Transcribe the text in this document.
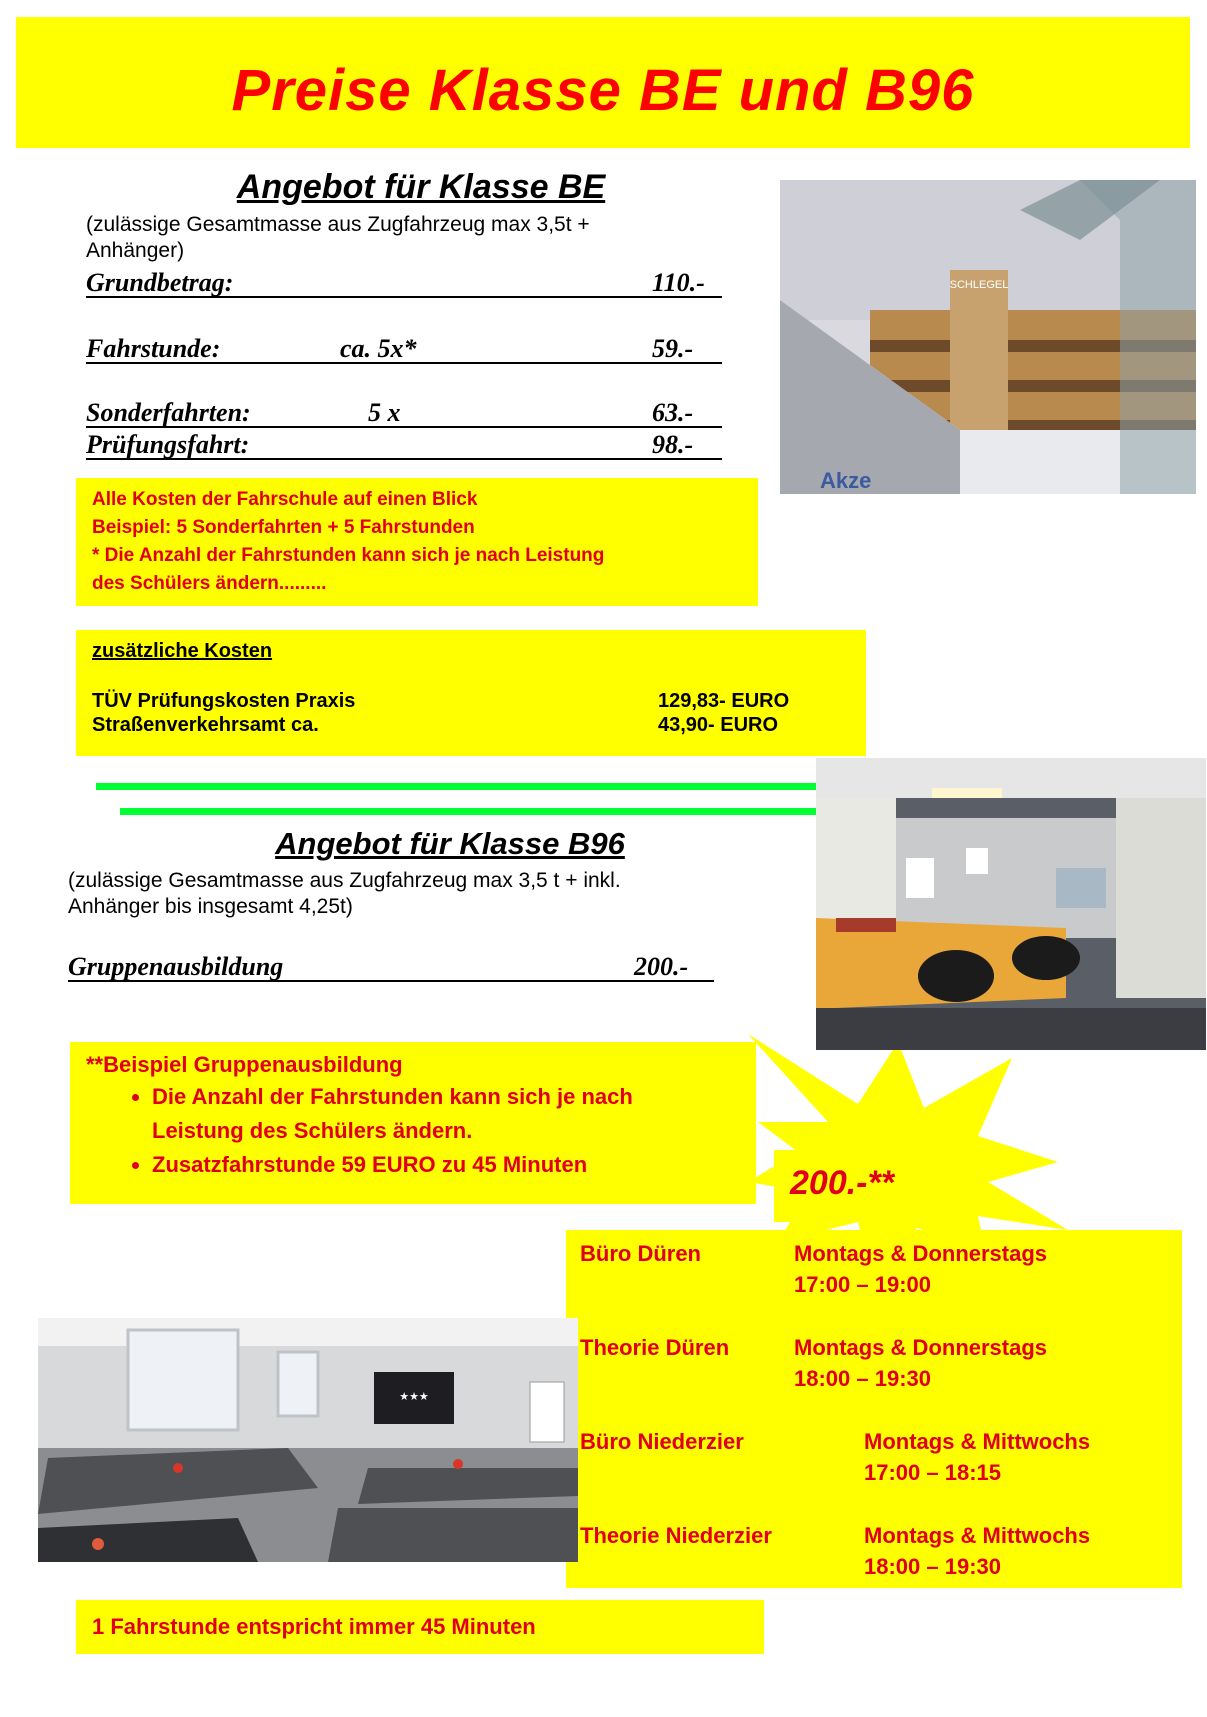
Preise Klasse BE und B96
Angebot für Klasse BE
(zulässige Gesamtmasse aus Zugfahrzeug max 3,5t + Anhänger)
Grundbetrag:	110.-
Fahrstunde:	ca. 5x*	59.-
Sonderfahrten:	5 x	63.-
Prüfungsfahrt:	98.-
Alle Kosten der Fahrschule auf einen Blick
Beispiel: 5 Sonderfahrten + 5 Fahrstunden
* Die Anzahl der Fahrstunden kann sich je nach Leistung
des Schülers ändern.........
zusätzliche Kosten
TÜV Prüfungskosten Praxis	129,83- EURO
Straßenverkehrsamt ca.	43,90- EURO
Angebot für Klasse B96
(zulässige Gesamtmasse aus Zugfahrzeug max 3,5 t + inkl. Anhänger bis insgesamt 4,25t)
Gruppenausbildung	200.-
200.-**
**Beispiel Gruppenausbildung
• Die Anzahl der Fahrstunden kann sich je nach Leistung des Schülers ändern.
• Zusatzfahrstunde 59 EURO zu 45 Minuten
Büro Düren	Montags & Donnerstags
17:00 – 19:00
Theorie Düren	Montags & Donnerstags
18:00 – 19:30
Büro Niederzier	Montags & Mittwochs
17:00 – 18:15
Theorie Niederzier	Montags & Mittwochs
18:00 – 19:30
1 Fahrstunde entspricht immer 45 Minuten
SCHLEGEL
Akze
★★★
